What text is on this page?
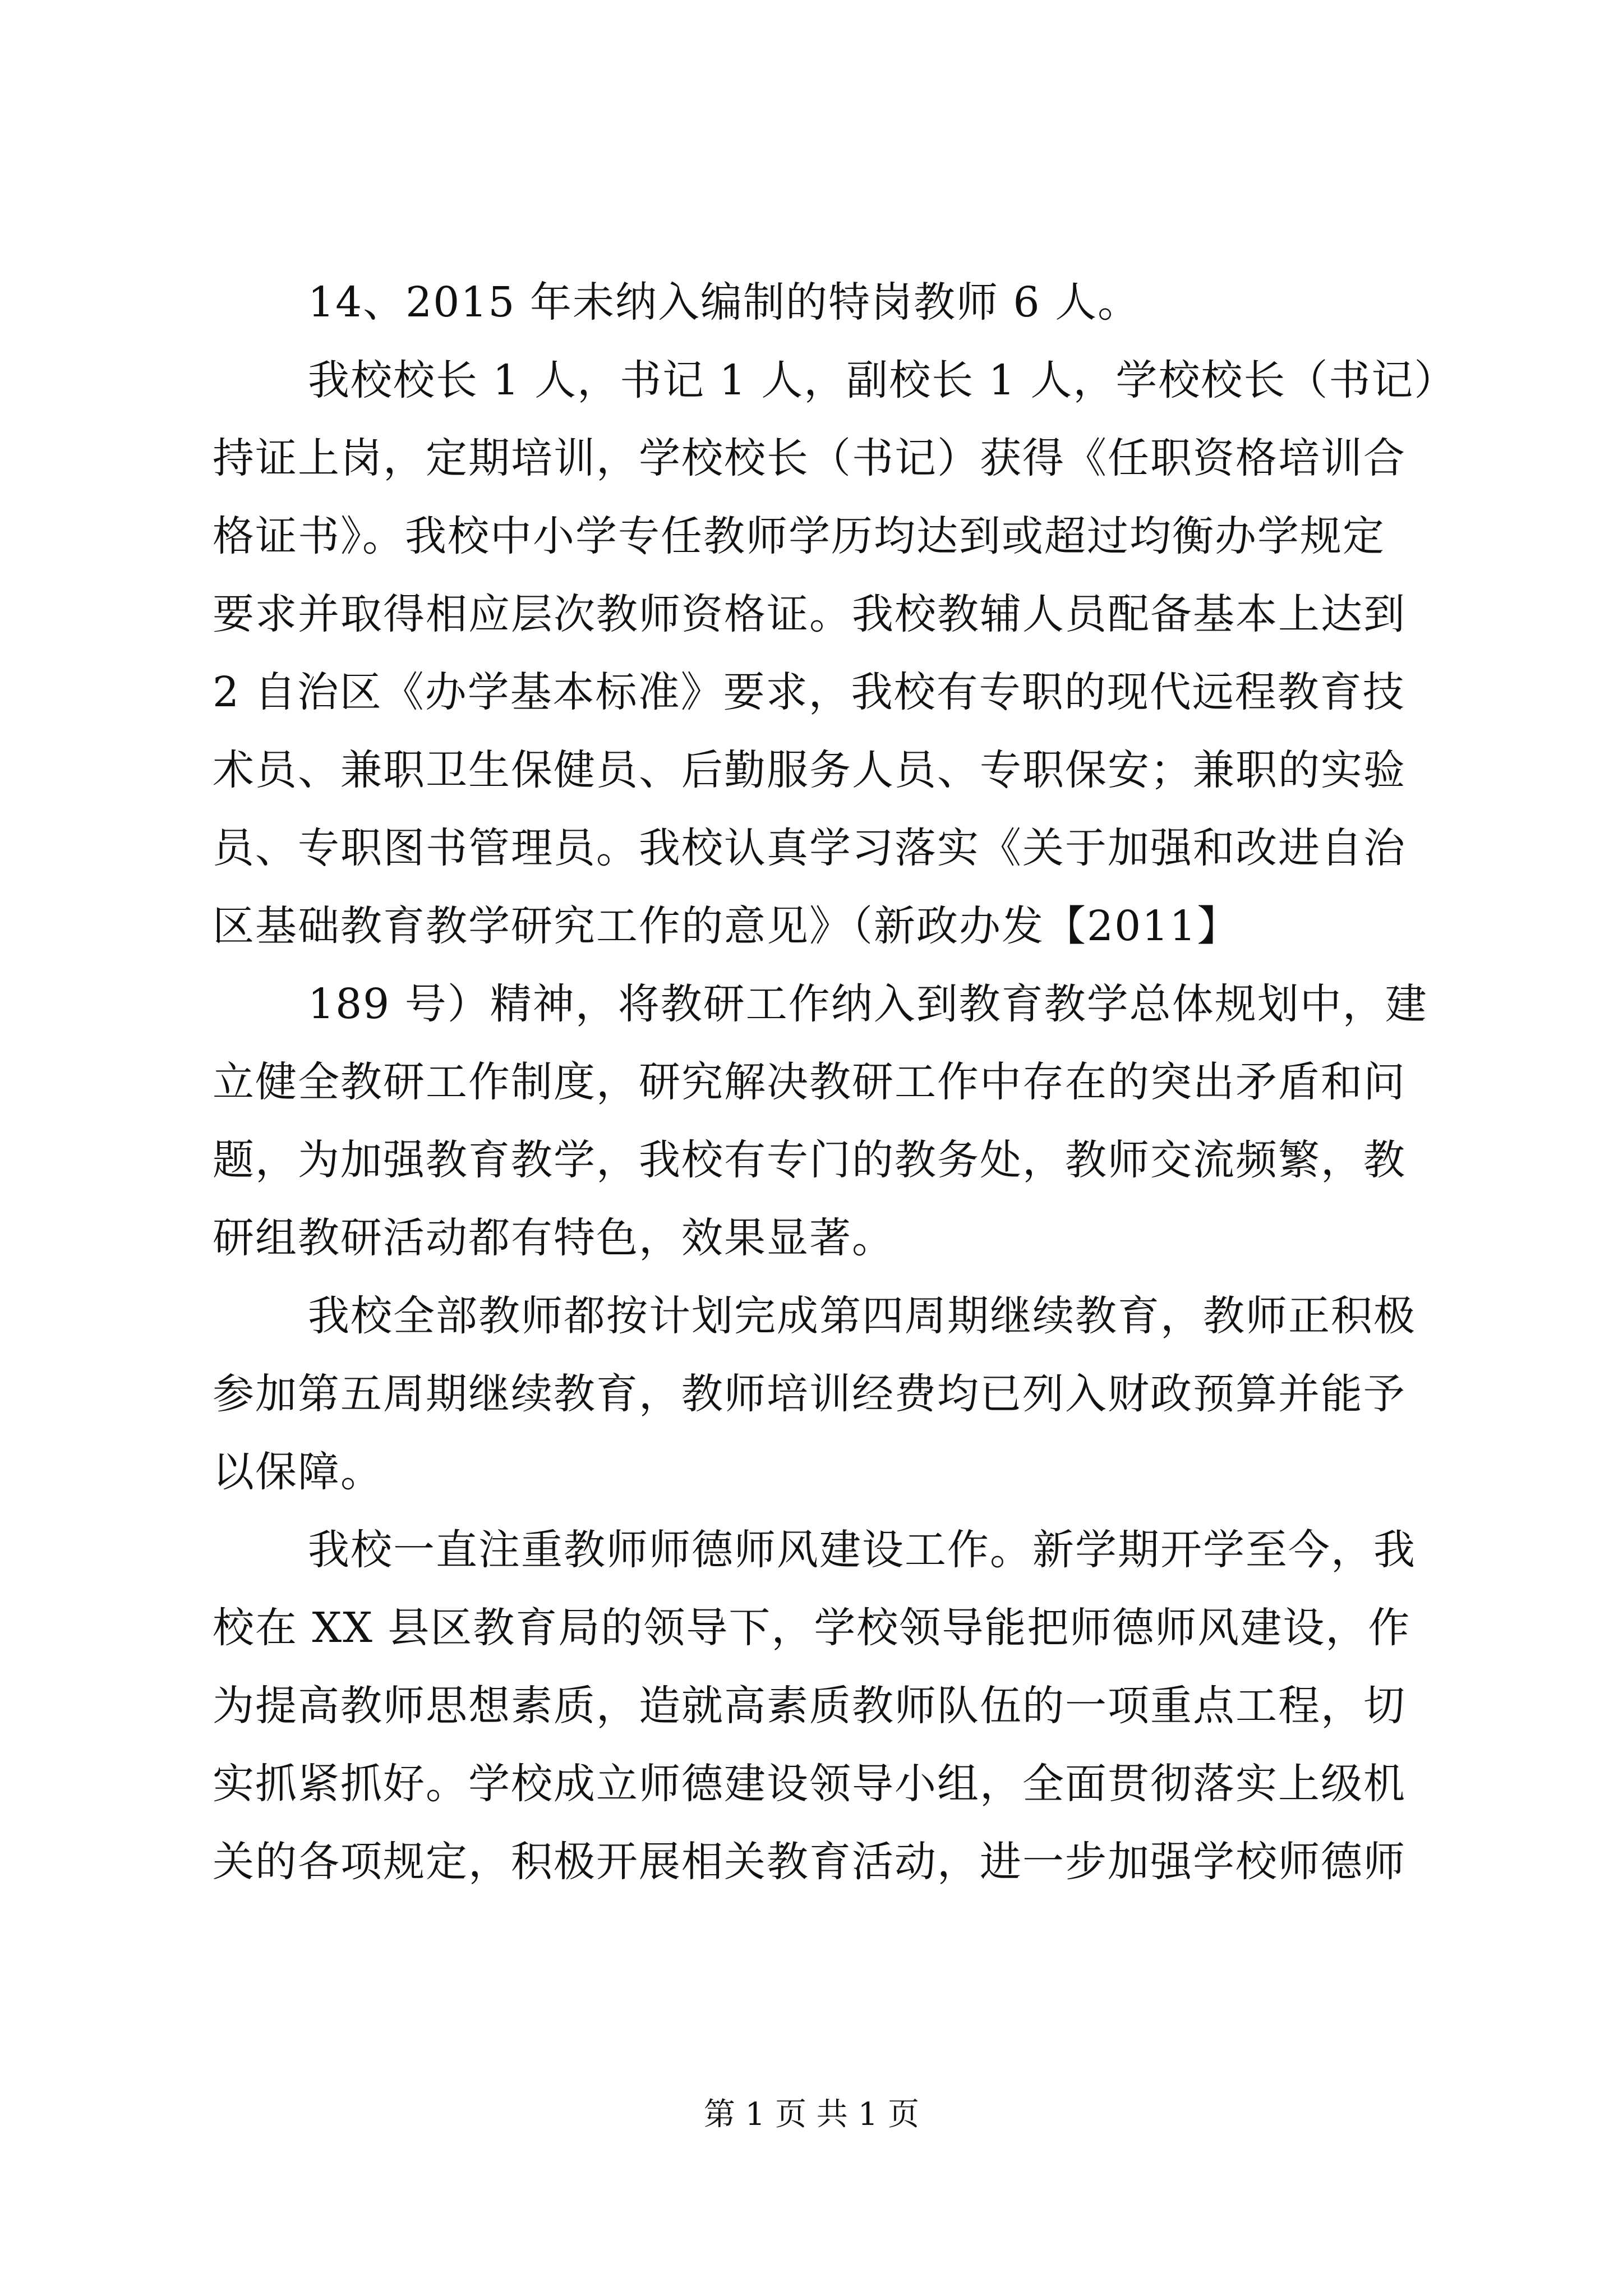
14、2015 年未纳入编制的特岗教师 6 人。
我校校长 1 人，书记 1 人，副校长 1 人，学校校长（书记）
持证上岗，定期培训，学校校长（书记）获得《任职资格培训合
格证书》。我校中小学专任教师学历均达到或超过均衡办学规定
要求并取得相应层次教师资格证。我校教辅人员配备基本上达到
2 自治区《办学基本标准》要求，我校有专职的现代远程教育技
术员、兼职卫生保健员、后勤服务人员、专职保安；兼职的实验
员、专职图书管理员。我校认真学习落实《关于加强和改进自治
区基础教育教学研究工作的意见》（新政办发【2011】
189 号）精神，将教研工作纳入到教育教学总体规划中，建
立健全教研工作制度，研究解决教研工作中存在的突出矛盾和问
题，为加强教育教学，我校有专门的教务处，教师交流频繁，教
研组教研活动都有特色，效果显著。
我校全部教师都按计划完成第四周期继续教育，教师正积极
参加第五周期继续教育，教师培训经费均已列入财政预算并能予
以保障。
我校一直注重教师师德师风建设工作。新学期开学至今，我
校在 XX 县区教育局的领导下，学校领导能把师德师风建设，作
为提高教师思想素质，造就高素质教师队伍的一项重点工程，切
实抓紧抓好。学校成立师德建设领导小组，全面贯彻落实上级机
关的各项规定，积极开展相关教育活动，进一步加强学校师德师
第 1 页 共 1 页
